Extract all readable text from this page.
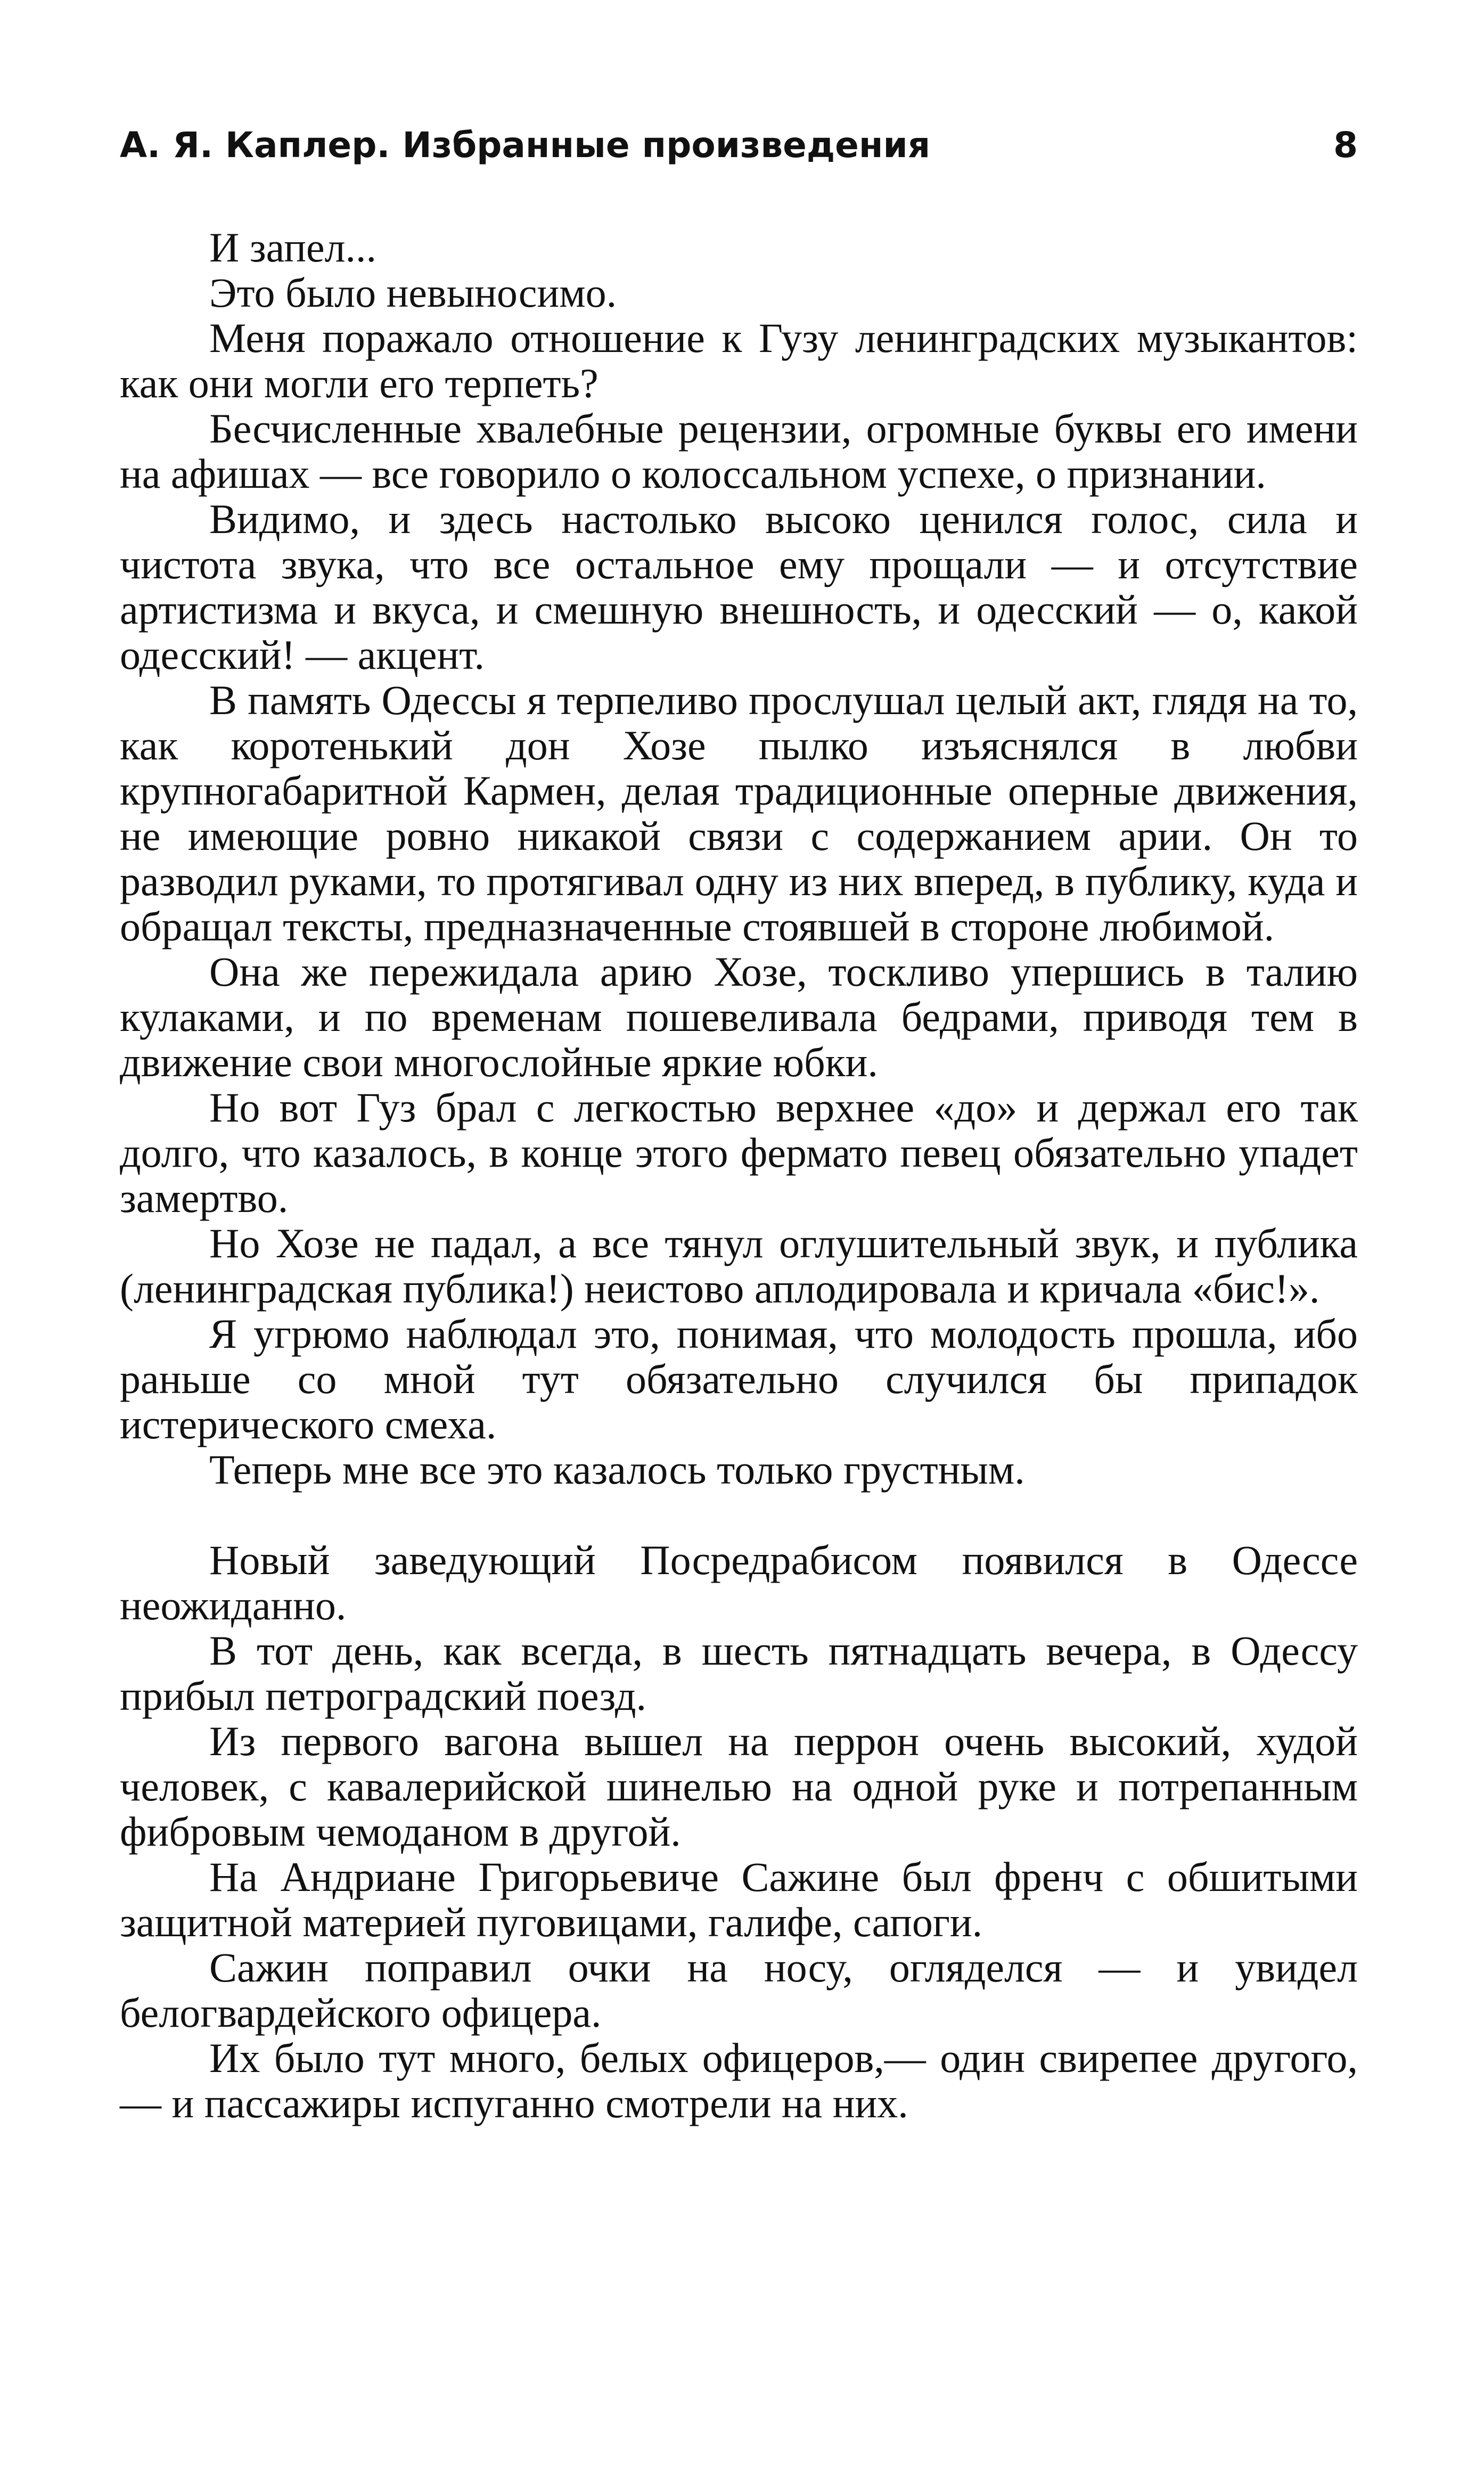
А. Я. Каплер. Избранные произведения	8

И запел...

Это было невыносимо.

Меня поражало отношение к Гузу ленинградских музыкантов: как они могли его терпеть?

Бесчисленные хвалебные рецензии, огромные буквы его имени на афишах — все говорило о колоссальном успехе, о признании.

Видимо, и здесь настолько высоко ценился голос, сила и чистота звука, что все остальное ему прощали — и отсутствие артистизма и вкуса, и смешную внешность, и одесский — о, какой одесский! — акцент.

В память Одессы я терпеливо прослушал целый акт, глядя на то, как коротенький дон Хозе пылко изъяснялся в любви крупногабаритной Кармен, делая традиционные оперные движения, не имеющие ровно никакой связи с содержанием арии. Он то разводил руками, то протягивал одну из них вперед, в публику, куда и обращал тексты, предназначенные стоявшей в стороне любимой.

Она же пережидала арию Хозе, тоскливо упершись в талию кулаками, и по временам пошевеливала бедрами, приводя тем в движение свои многослойные яркие юбки.

Но вот Гуз брал с легкостью верхнее «до» и держал его так долго, что казалось, в конце этого фермато певец обязательно упадет замертво.

Но Хозе не падал, а все тянул оглушительный звук, и публика (ленинградская публика!) неистово аплодировала и кричала «бис!».

Я угрюмо наблюдал это, понимая, что молодость прошла, ибо раньше со мной тут обязательно случился бы припадок истерического смеха.

Теперь мне все это казалось только грустным.

Новый заведующий Посредрабисом появился в Одессе неожиданно.

В тот день, как всегда, в шесть пятнадцать вечера, в Одессу прибыл петроградский поезд.

Из первого вагона вышел на перрон очень высокий, худой человек, с кавалерийской шинелью на одной руке и потрепанным фибровым чемоданом в другой.

На Андриане Григорьевиче Сажине был френч с обшитыми защитной материей пуговицами, галифе, сапоги.

Сажин поправил очки на носу, огляделся — и увидел белогвардейского офицера.

Их было тут много, белых офицеров,— один свирепее другого,— и пассажиры испуганно смотрели на них.
